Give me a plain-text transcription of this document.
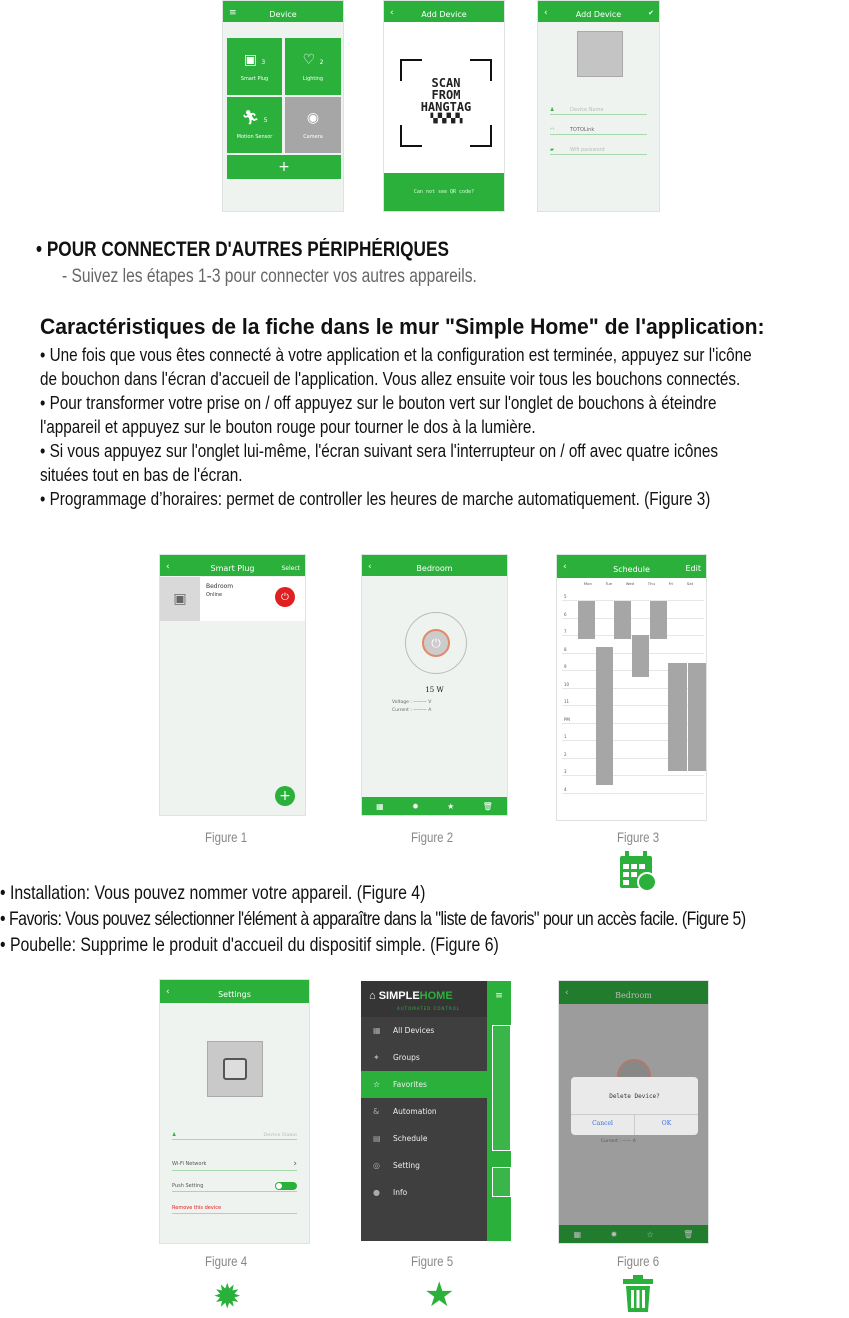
≡	Device
▣ 3
Smart Plug
♡ 2
Lighting
🏃︎ 5
Motion Sensor
◉
Camera
+
‹	Add Device
SCAN
FROM
HANGTAG
▚▞▚▞▚▞▚
Can not see QR code?
‹	Add Device	✔
♟	Device Name
◠	TOTOLink
▰	Wifi password
• POUR CONNECTER D'AUTRES PÉRIPHÉRIQUES
- Suivez les étapes 1-3 pour connecter vos autres appareils.
Caractéristiques de la fiche dans le mur "Simple Home" de l'application:
• Une fois que vous êtes connecté à votre application et la configuration est terminée, appuyez sur l'icône
de bouchon dans l'écran d'accueil de l'application. Vous allez ensuite voir tous les bouchons connectés.
• Pour transformer votre prise on / off appuyez sur le bouton vert sur l'onglet de bouchons à éteindre
l'appareil et appuyez sur le bouton rouge pour tourner le dos à la lumière.
• Si vous appuyez sur l'onglet lui-même, l'écran suivant sera l'interrupteur on / off avec quatre icônes
situées tout en bas de l'écran.
• Programmage d’horaires: permet de controller les heures de marche automatiquement. (Figure 3)
‹	Smart Plug	Select
▣
Bedroom
Online	⏻
+
Figure 1
‹	Bedroom
⏻
15 W
Voltage : ——— V
Current : ——— A
▦	✹	★	🗑︎
Figure 2
‹	Schedule	Edit
Mon	Tue	Wed	Thu	Fri	Sat
5
6
7
8
9
10
11
PM
1
2
3
4
Figure 3
• Installation: Vous pouvez nommer votre appareil. (Figure 4)
• Favoris: Vous pouvez sélectionner l'élément à apparaître dans la "liste de favoris" pour un accès facile. (Figure 5)
• Poubelle: Supprime le produit d'accueil du dispositif simple. (Figure 6)
‹	Settings
♟	Device Name
Wi-Fi Network	›
Push Setting
Remove this device
Figure 4
✹
⌂ SIMPLEHOME
AUTOMATED CONTROL
▦	All Devices
✦	Groups
☆	Favorites
&	Automation
▤	Schedule
◎	Setting
●	Info
≡
Figure 5
★
‹	Bedroom
Delete Device?
Cancel	OK
Current : —— A
▦	✹	☆	🗑︎
Figure 6
